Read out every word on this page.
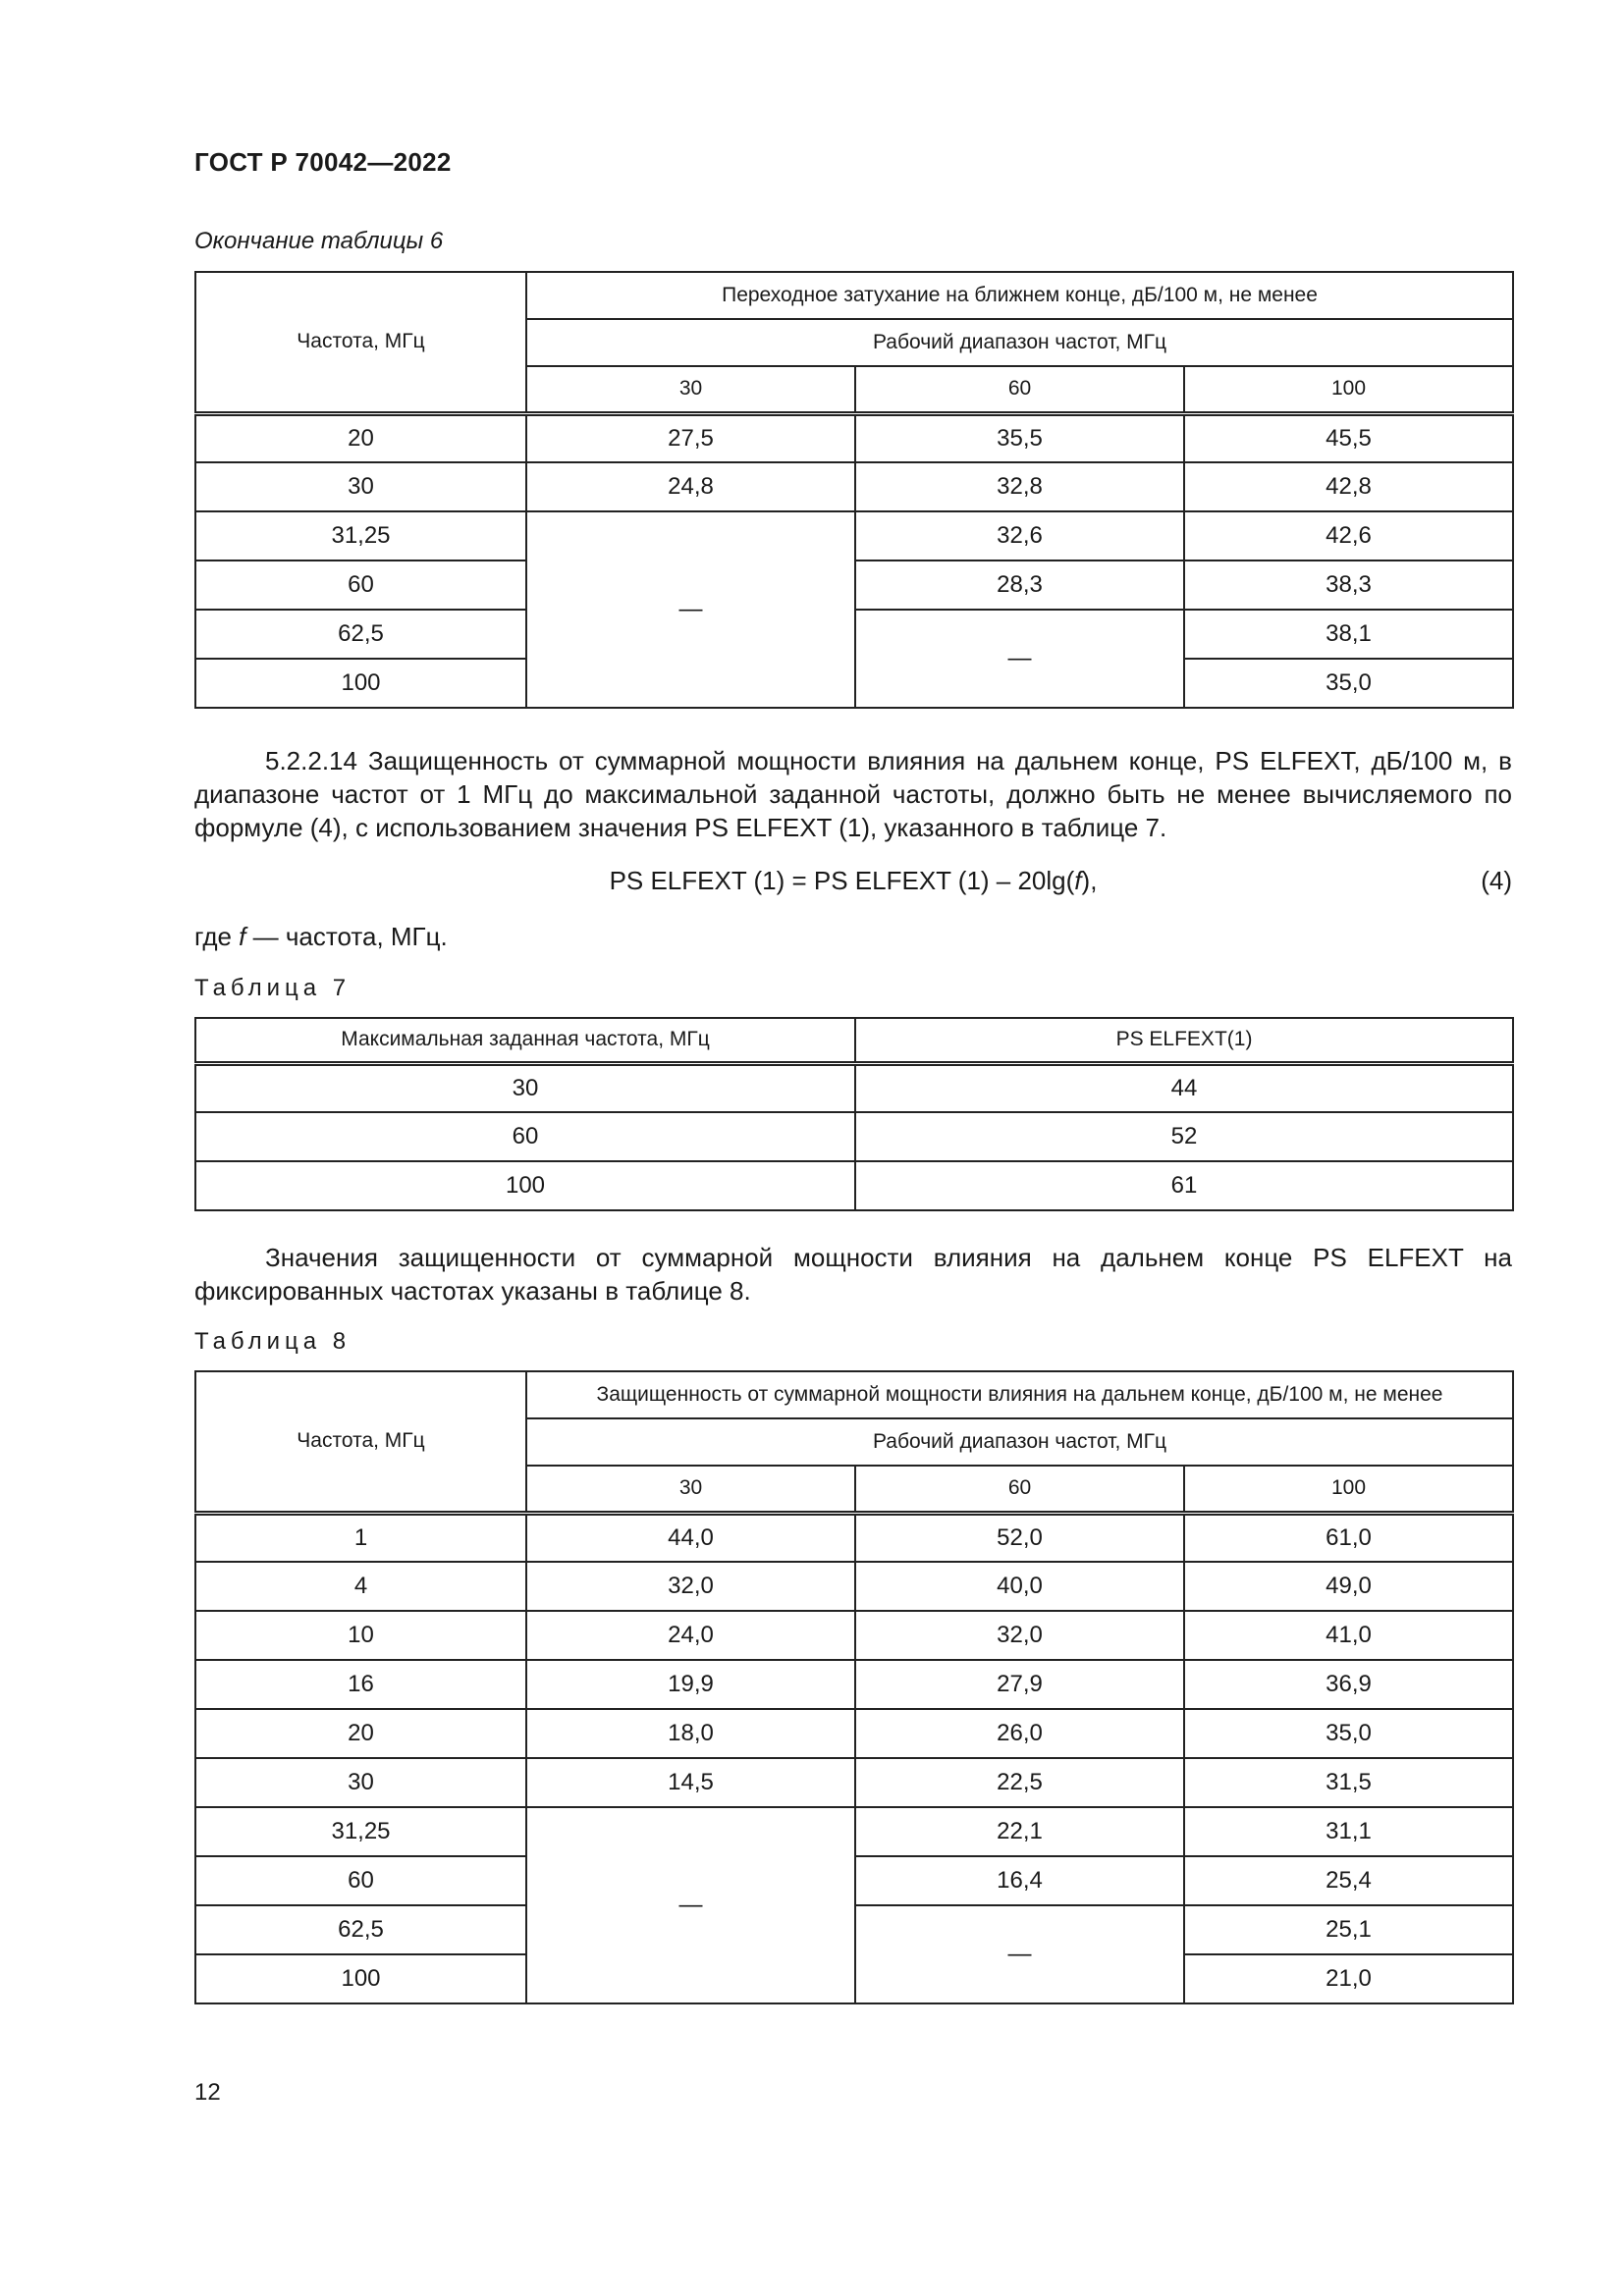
ГОСТ Р 70042—2022
Окончание таблицы 6
Частота, МГц	Переходное затухание на ближнем конце, дБ/100 м, не менее		
	Рабочий диапазон частот, МГц		
	30	60	100
20	27,5	35,5	45,5
30	24,8	32,8	42,8
31,25	—	32,6	42,6
60		28,3	38,3
62,5		—	38,1
100			35,0
5.2.2.14 Защищенность от суммарной мощности влияния на дальнем конце, PS ELFEXT, дБ/100 м, в диапазоне частот от 1 МГц до максимальной заданной частоты, должно быть не менее вычисляемого по формуле (4), с использованием значения PS ELFEXT (1), указанного в таблице 7.
PS ELFEXT (1) = PS ELFEXT (1) – 20lg(f),	(4)
где f — частота, МГц.
Таблица 7
Максимальная заданная частота, МГц	PS ELFEXT(1)
30	44
60	52
100	61
Значения защищенности от суммарной мощности влияния на дальнем конце PS ELFEXT на фиксированных частотах указаны в таблице 8.
Таблица 8
Частота, МГц	Защищенность от суммарной мощности влияния на дальнем конце, дБ/100 м, не менее		
	Рабочий диапазон частот, МГц		
	30	60	100
1	44,0	52,0	61,0
4	32,0	40,0	49,0
10	24,0	32,0	41,0
16	19,9	27,9	36,9
20	18,0	26,0	35,0
30	14,5	22,5	31,5
31,25	—	22,1	31,1
60		16,4	25,4
62,5		—	25,1
100			21,0
12
